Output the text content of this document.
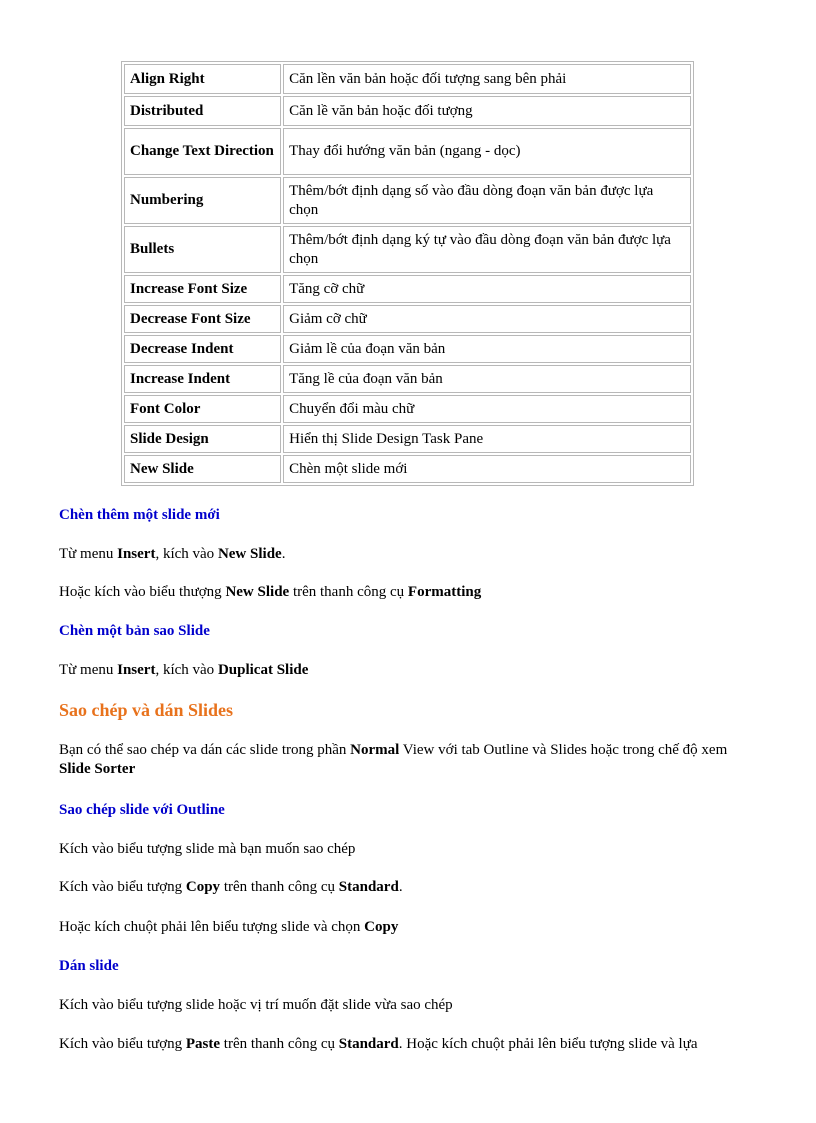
Align Right	Căn lền văn bản hoặc đối tượng sang bên phải
Distributed	Căn lề văn bản hoặc đối tượng
Change Text Direction	Thay đổi hướng văn bản (ngang - dọc)
Numbering	Thêm/bớt định dạng số vào đầu dòng đoạn văn bản được lựa chọn
Bullets	Thêm/bớt định dạng ký tự vào đầu dòng đoạn văn bản được lựa chọn
Increase Font Size	Tăng cỡ chữ
Decrease Font Size	Giảm cỡ chữ
Decrease Indent	Giảm lề của đoạn văn bản
Increase Indent	Tăng lề của đoạn văn bản
Font Color	Chuyển đổi màu chữ
Slide Design	Hiển thị Slide Design Task Pane
New Slide	Chèn một slide mới
Chèn thêm một slide mới
Từ menu Insert, kích vào New Slide.
Hoặc kích vào biểu thượng New Slide trên thanh công cụ Formatting
Chèn một bản sao Slide
Từ menu Insert, kích vào Duplicat Slide
Sao chép và dán Slides
Bạn có thể sao chép va dán các slide trong phần Normal View với tab Outline và Slides hoặc trong chế độ xem Slide Sorter
Sao chép slide với Outline
Kích vào biểu tượng slide mà bạn muốn sao chép
Kích vào biểu tượng Copy trên thanh công cụ Standard.
Hoặc kích chuột phải lên biểu tượng slide và chọn Copy
Dán slide
Kích vào biểu tượng slide hoặc vị trí muốn đặt slide vừa sao chép
Kích vào biểu tượng Paste trên thanh công cụ Standard. Hoặc kích chuột phải lên biểu tượng slide và lựa
